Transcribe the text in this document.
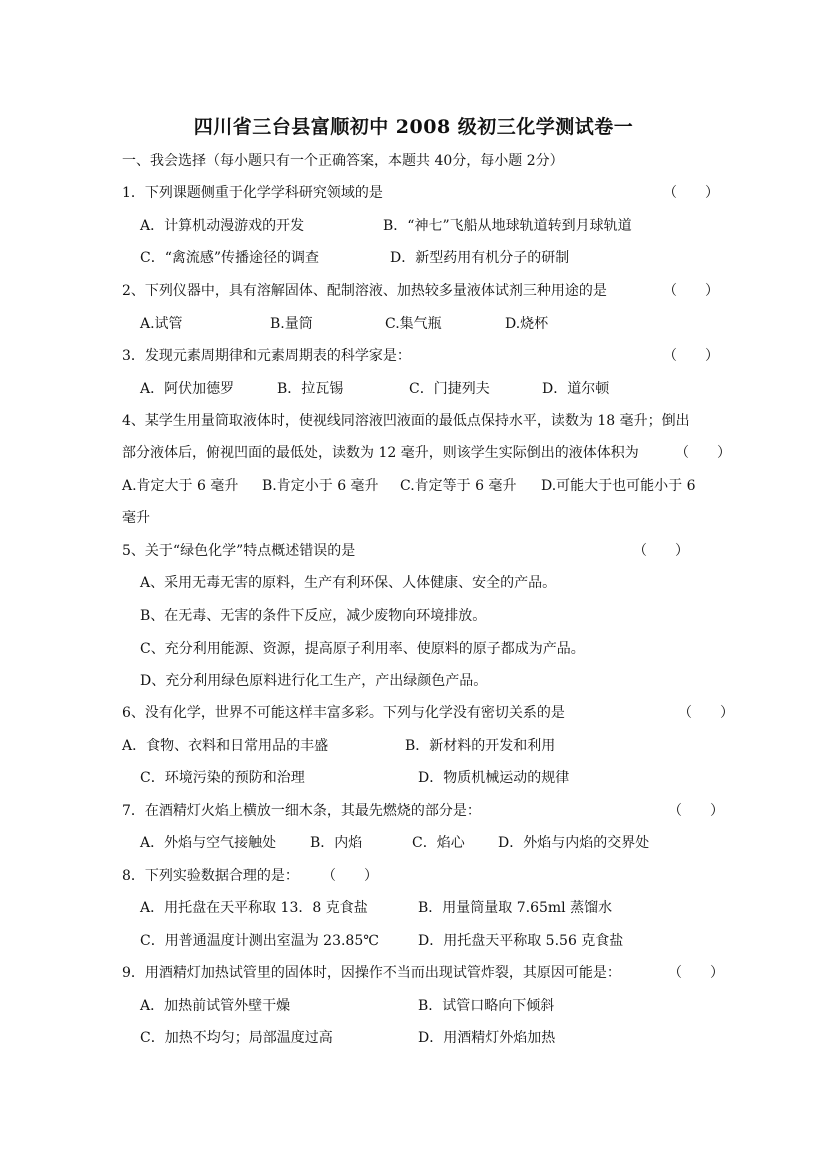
四川省三台县富顺初中 2008 级初三化学测试卷一
一、我会选择（每小题只有一个正确答案，本题共 40分，每小题 2分）
1．下列课题侧重于化学学科研究领域的是	（　　）
A．计算机动漫游戏的开发	B．“神七”飞船从地球轨道转到月球轨道
C．“禽流感”传播途径的调查	D．新型药用有机分子的研制
2、下列仪器中，具有溶解固体、配制溶液、加热较多量液体试剂三种用途的是	（　　）
A.试管	B.量筒	C.集气瓶	D.烧杯
3．发现元素周期律和元素周期表的科学家是：	（　　）
A．阿伏加德罗	B．拉瓦锡	C．门捷列夫	D．道尔顿
4、某学生用量筒取液体时，使视线同溶液凹液面的最低点保持水平，读数为 18 毫升；倒出
部分液体后，俯视凹面的最低处，读数为 12 毫升，则该学生实际倒出的液体体积为	（　　）
A.肯定大于 6 毫升 B.肯定小于 6 毫升 C.肯定等于 6 毫升 D.可能大于也可能小于 6
毫升
5、关于“绿色化学”特点概述错误的是	（　　）
A、采用无毒无害的原料，生产有利环保、人体健康、安全的产品。
B、在无毒、无害的条件下反应，减少废物向环境排放。
C、充分利用能源、资源，提高原子利用率、使原料的原子都成为产品。
D、充分利用绿色原料进行化工生产，产出绿颜色产品。
6、没有化学，世界不可能这样丰富多彩。下列与化学没有密切关系的是	（　　）
A．食物、衣料和日常用品的丰盛	B．新材料的开发和利用
C．环境污染的预防和治理	D．物质机械运动的规律
7．在酒精灯火焰上横放一细木条，其最先燃烧的部分是：	（　　）
A．外焰与空气接触处 B．内焰	C．焰心 D．外焰与内焰的交界处
8．下列实验数据合理的是： （　　）
A．用托盘在天平称取 13．8 克食盐	B．用量筒量取 7.65ml 蒸馏水
C．用普通温度计测出室温为 23.85℃	D．用托盘天平称取 5.56 克食盐
9．用酒精灯加热试管里的固体时，因操作不当而出现试管炸裂，其原因可能是：	（　　）
A．加热前试管外壁干燥	B．试管口略向下倾斜
C．加热不均匀；局部温度过高	D．用酒精灯外焰加热
